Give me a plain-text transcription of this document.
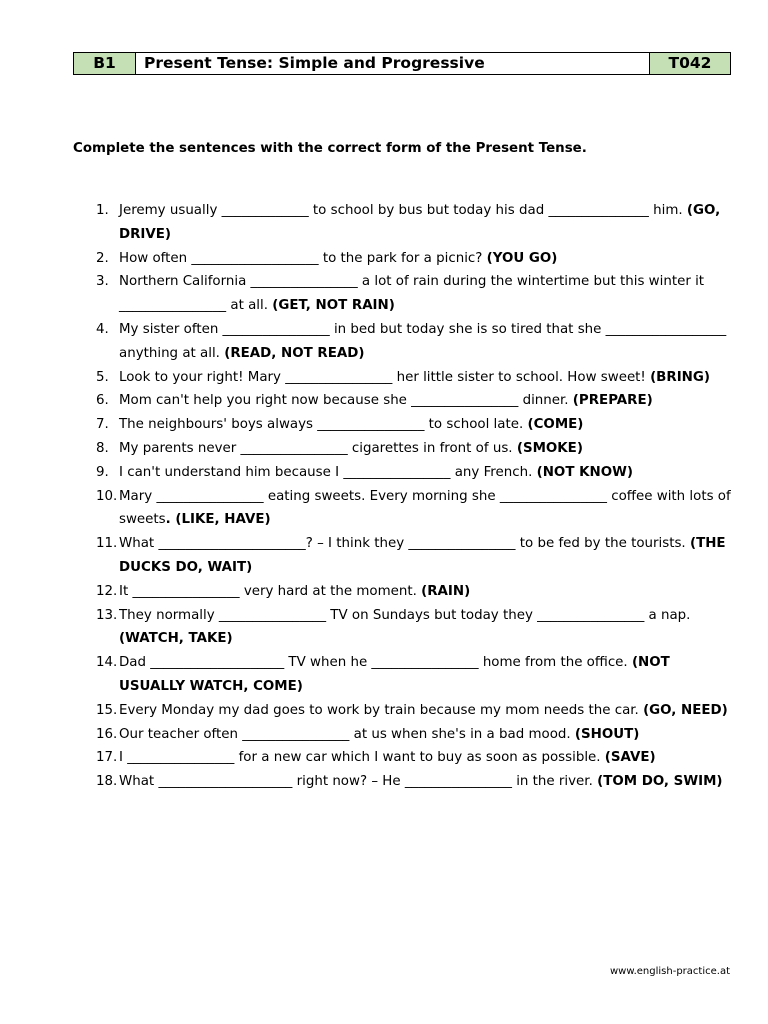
B1	Present Tense: Simple and Progressive	T042
Complete the sentences with the correct form of the Present Tense.
1. Jeremy usually _____________ to school by bus but today his dad _______________ him. (GO, DRIVE)
2. How often ___________________ to the park for a picnic? (YOU GO)
3. Northern California ________________ a lot of rain during the wintertime but this winter it ________________ at all. (GET, NOT RAIN)
4. My sister often ________________ in bed but today she is so tired that she __________________ anything at all. (READ, NOT READ)
5. Look to your right! Mary ________________ her little sister to school. How sweet! (BRING)
6. Mom can't help you right now because she ________________ dinner. (PREPARE)
7. The neighbours' boys always ________________ to school late. (COME)
8. My parents never ________________ cigarettes in front of us. (SMOKE)
9. I can't understand him because I ________________ any French. (NOT KNOW)
10. Mary ________________ eating sweets. Every morning she ________________ coffee with lots of sweets. (LIKE, HAVE)
11. What ______________________? – I think they ________________ to be fed by the tourists. (THE DUCKS DO, WAIT)
12. It ________________ very hard at the moment. (RAIN)
13. They normally ________________ TV on Sundays but today they ________________ a nap. (WATCH, TAKE)
14. Dad ____________________ TV when he ________________ home from the office. (NOT USUALLY WATCH, COME)
15. Every Monday my dad goes to work by train because my mom needs the car. (GO, NEED)
16. Our teacher often ________________ at us when she's in a bad mood. (SHOUT)
17. I ________________ for a new car which I want to buy as soon as possible. (SAVE)
18. What ____________________ right now? – He ________________ in the river. (TOM DO, SWIM)
www.english-practice.at
